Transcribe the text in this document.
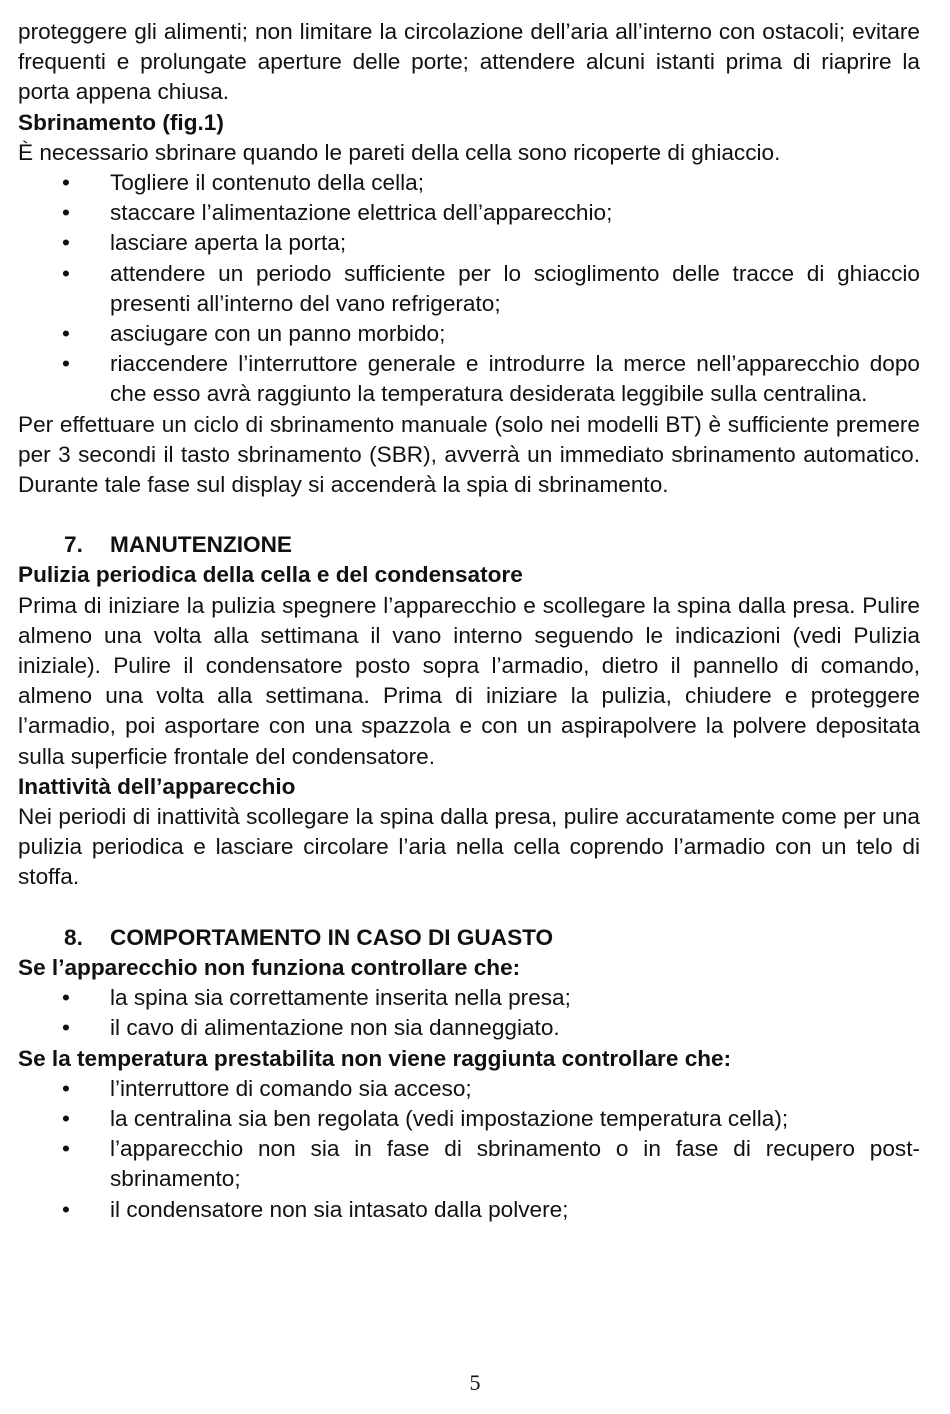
proteggere gli alimenti; non limitare la circolazione dell’aria all’interno con ostacoli; evitare frequenti e prolungate aperture delle porte; attendere alcuni istanti prima di riaprire la porta appena chiusa.

Sbrinamento (fig.1)

È necessario sbrinare quando le pareti della cella sono ricoperte di ghiaccio.

• Togliere il contenuto della cella;
• staccare l’alimentazione elettrica dell’apparecchio;
• lasciare aperta la porta;
• attendere un periodo sufficiente per lo scioglimento delle tracce di ghiaccio presenti all’interno del vano refrigerato;
• asciugare con un panno morbido;
• riaccendere l’interruttore generale e introdurre la merce nell’apparecchio dopo che esso avrà raggiunto la temperatura desiderata leggibile sulla centralina.

Per effettuare un ciclo di sbrinamento manuale (solo nei modelli BT) è sufficiente premere per 3 secondi il tasto sbrinamento (SBR), avverrà un immediato sbrinamento automatico. Durante tale fase sul display si accenderà la spia di sbrinamento.

7. MANUTENZIONE

Pulizia periodica della cella e del condensatore

Prima di iniziare la pulizia spegnere l’apparecchio e scollegare la spina dalla presa. Pulire almeno una volta alla settimana il vano interno seguendo le indicazioni (vedi Pulizia iniziale). Pulire il condensatore posto sopra l’armadio, dietro il pannello di comando, almeno una volta alla settimana. Prima di iniziare la pulizia, chiudere e proteggere l’armadio, poi asportare con una spazzola e con un aspirapolvere la polvere depositata sulla superficie frontale del condensatore.

Inattività dell’apparecchio

Nei periodi di inattività scollegare la spina dalla presa, pulire accuratamente come per una pulizia periodica e lasciare circolare l’aria nella cella coprendo l’armadio con un telo di stoffa.

8. COMPORTAMENTO IN CASO DI GUASTO

Se l’apparecchio non funziona controllare che:

• la spina sia correttamente inserita nella presa;
• il cavo di alimentazione non sia danneggiato.

Se la temperatura prestabilita non viene raggiunta controllare che:

• l’interruttore di comando sia acceso;
• la centralina sia ben regolata (vedi impostazione temperatura cella);
• l’apparecchio non sia in fase di sbrinamento o in fase di recupero post-sbrinamento;
• il condensatore non sia intasato dalla polvere;
5
